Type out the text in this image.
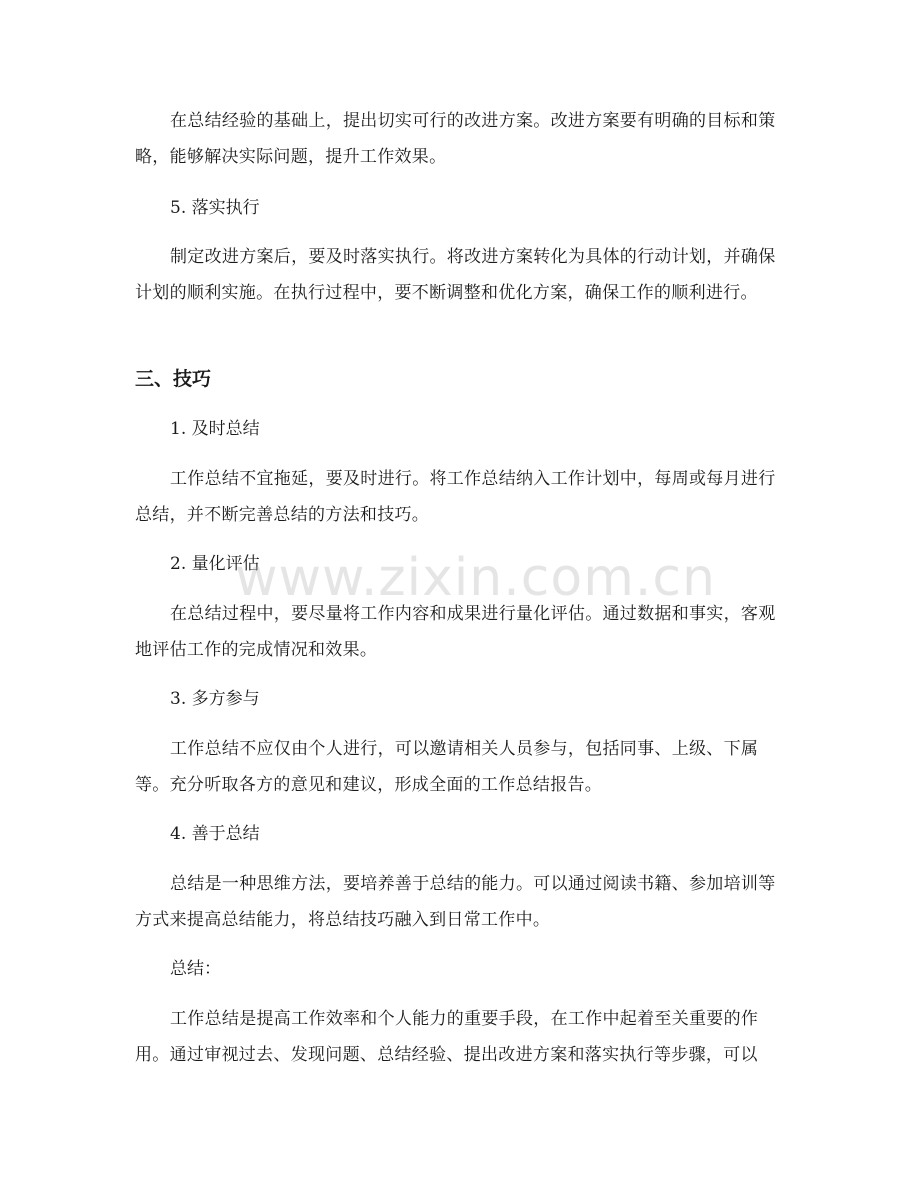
在总结经验的基础上，提出切实可行的改进方案。改进方案要有明确的目标和策略，能够解决实际问题，提升工作效果。

5. 落实执行

制定改进方案后，要及时落实执行。将改进方案转化为具体的行动计划，并确保计划的顺利实施。在执行过程中，要不断调整和优化方案，确保工作的顺利进行。

三、技巧

1. 及时总结

工作总结不宜拖延，要及时进行。将工作总结纳入工作计划中，每周或每月进行总结，并不断完善总结的方法和技巧。

2. 量化评估

在总结过程中，要尽量将工作内容和成果进行量化评估。通过数据和事实，客观地评估工作的完成情况和效果。

3. 多方参与

工作总结不应仅由个人进行，可以邀请相关人员参与，包括同事、上级、下属等。充分听取各方的意见和建议，形成全面的工作总结报告。

4. 善于总结

总结是一种思维方法，要培养善于总结的能力。可以通过阅读书籍、参加培训等方式来提高总结能力，将总结技巧融入到日常工作中。

总结：

工作总结是提高工作效率和个人能力的重要手段，在工作中起着至关重要的作用。通过审视过去、发现问题、总结经验、提出改进方案和落实执行等步骤，可以

www.zixin.com.cn
